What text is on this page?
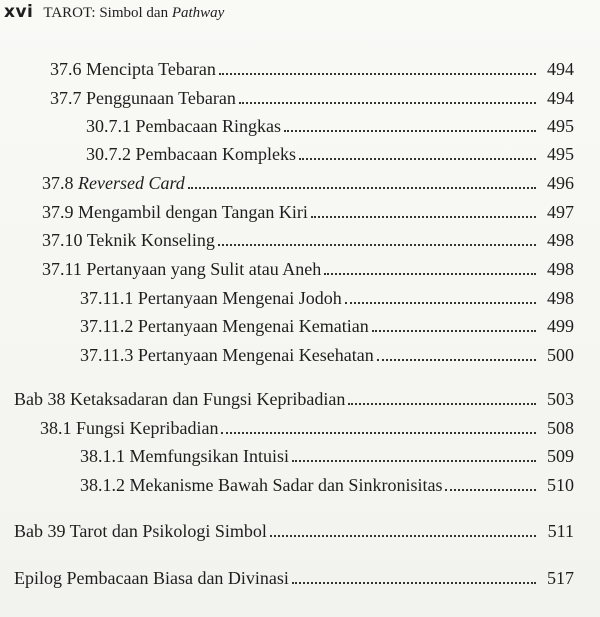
xvi TAROT: Simbol dan Pathway
37.6 Mencipta Tebaran	494
37.7 Penggunaan Tebaran	494
30.7.1 Pembacaan Ringkas	495
30.7.2 Pembacaan Kompleks	495
37.8 Reversed Card	496
37.9 Mengambil dengan Tangan Kiri	497
37.10 Teknik Konseling	498
37.11 Pertanyaan yang Sulit atau Aneh	498
37.11.1 Pertanyaan Mengenai Jodoh	498
37.11.2 Pertanyaan Mengenai Kematian	499
37.11.3 Pertanyaan Mengenai Kesehatan	500
Bab 38 Ketaksadaran dan Fungsi Kepribadian	503
38.1 Fungsi Kepribadian	508
38.1.1 Memfungsikan Intuisi	509
38.1.2 Mekanisme Bawah Sadar dan Sinkronisitas	510
Bab 39 Tarot dan Psikologi Simbol	511
Epilog Pembacaan Biasa dan Divinasi	517
